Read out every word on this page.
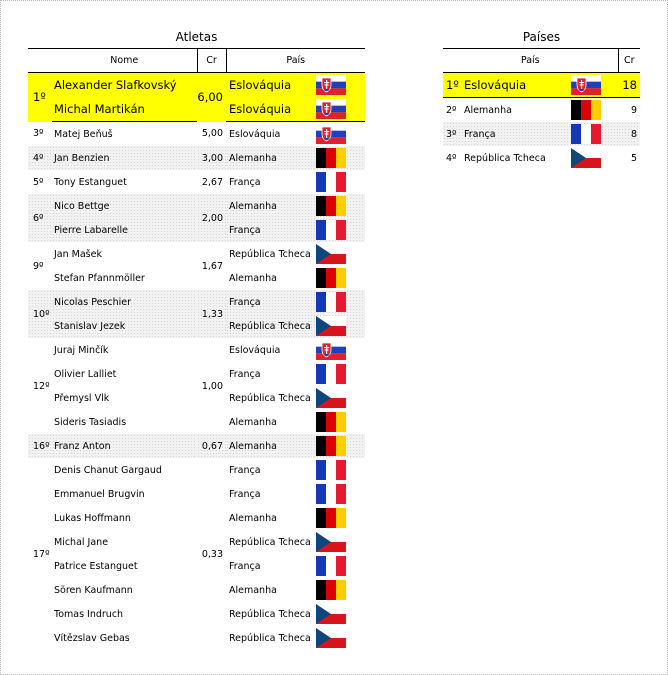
Atletas	Países
	Nome	Cr	País	
1º	Alexander Slafkovský	6,00	Eslováquia	

	Michal Martikán		Eslováquia	

3º	Matej Beňuš	5,00	Eslováquia	

4º	Jan Benzien	3,00	Alemanha	

5º	Tony Estanguet	2,67	França	

6º	Nico Bettge	2,00	Alemanha	

	Pierre Labarelle		França	

9º	Jan Mašek	1,67	República Tcheca	

	Stefan Pfannmöller		Alemanha	

10º	Nicolas Peschier	1,33	França	

	Stanislav Jezek		República Tcheca	

12º	Juraj Minčík	1,00	Eslováquia	

	Olivier Lalliet		França	

	Přemysl Vlk		República Tcheca	

	Sideris Tasiadis		Alemanha	

16º	Franz Anton	0,67	Alemanha	

17º	Denis Chanut Gargaud	0,33	França	

	Emmanuel Brugvin		França	

	Lukas Hoffmann		Alemanha	

	Michal Jane		República Tcheca	

	Patrice Estanguet		França	

	Sören Kaufmann		Alemanha	

	Tomas Indruch		República Tcheca	

	Vítězslav Gebas		República Tcheca	
País			Cr
1º	Eslováquia		18
2º	Alemanha		9
3º	França		8
4º	República Tcheca		5
